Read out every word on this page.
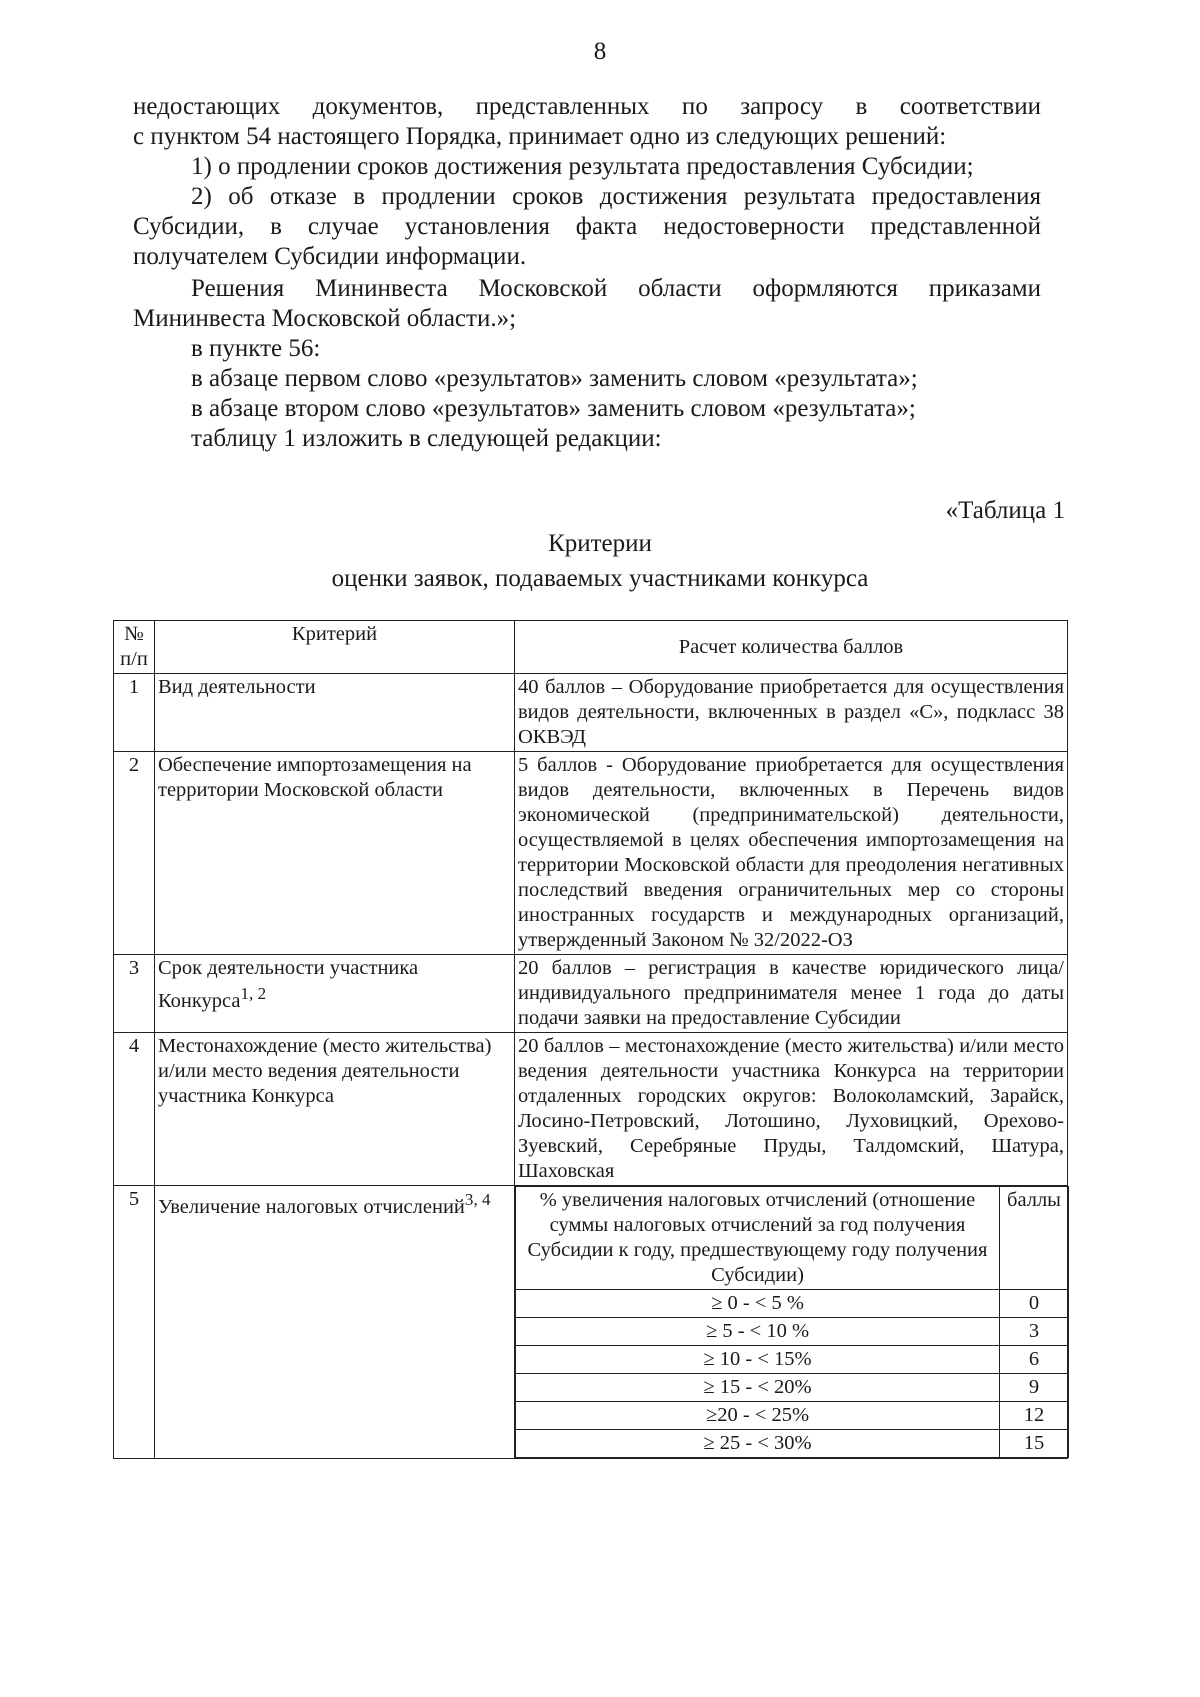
8

недостающих документов, представленных по запросу в соответствии

с пунктом 54 настоящего Порядка, принимает одно из следующих решений:

1) о продлении сроков достижения результата предоставления Субсидии;

2) об отказе в продлении сроков достижения результата предоставления Субсидии, в случае установления факта недостоверности представленной получателем Субсидии информации.

Решения Мининвеста Московской области оформляются приказами Мининвеста Московской области.»;

в пункте 56:

в абзаце первом слово «результатов» заменить словом «результата»;

в абзаце втором слово «результатов» заменить словом «результата»;

таблицу 1 изложить в следующей редакции:

«Таблица 1
Критерии
оценки заявок, подаваемых участниками конкурса
№ п/п	Критерий	Расчет количества баллов
1	Вид деятельности	40 баллов – Оборудование приобретается для осуществления видов деятельности, включенных в раздел «С», подкласс 38 ОКВЭД
2	Обеспечение импортозамещения на территории Московской области	5 баллов - Оборудование приобретается для осуществления видов деятельности, включенных в Перечень видов экономической (предпринимательской) деятельности, осуществляемой в целях обеспечения импортозамещения на территории Московской области для преодоления негативных последствий введения ограничительных мер со стороны иностранных государств и международных организаций, утвержденный Законом № 32/2022-ОЗ
3	Срок деятельности участника Конкурса$^{1, 2}$	20 баллов – регистрация в качестве юридического лица/индивидуального предпринимателя менее 1 года до даты подачи заявки на предоставление Субсидии
4	Местонахождение (место жительства) и/или место ведения деятельности участника Конкурса	20 баллов – местонахождение (место жительства) и/или место ведения деятельности участника Конкурса на территории отдаленных городских округов: Волоколамский, Зарайск, Лосино-Петровский, Лотошино, Луховицкий, Орехово-Зуевский, Серебряные Пруды, Талдомский, Шатура, Шаховская
5	Увеличение налоговых отчислений$^{3, 4}$	% увеличения налоговых отчислений (отношение суммы налоговых отчислений за год получения Субсидии к году, предшествующему году получения Субсидии)	баллы
≥ 0 - < 5 %	0
≥ 5 - < 10 %	3
≥ 10 - < 15%	6
≥ 15 - < 20%	9
≥20 - < 25%	12
≥ 25 - < 30%	15
